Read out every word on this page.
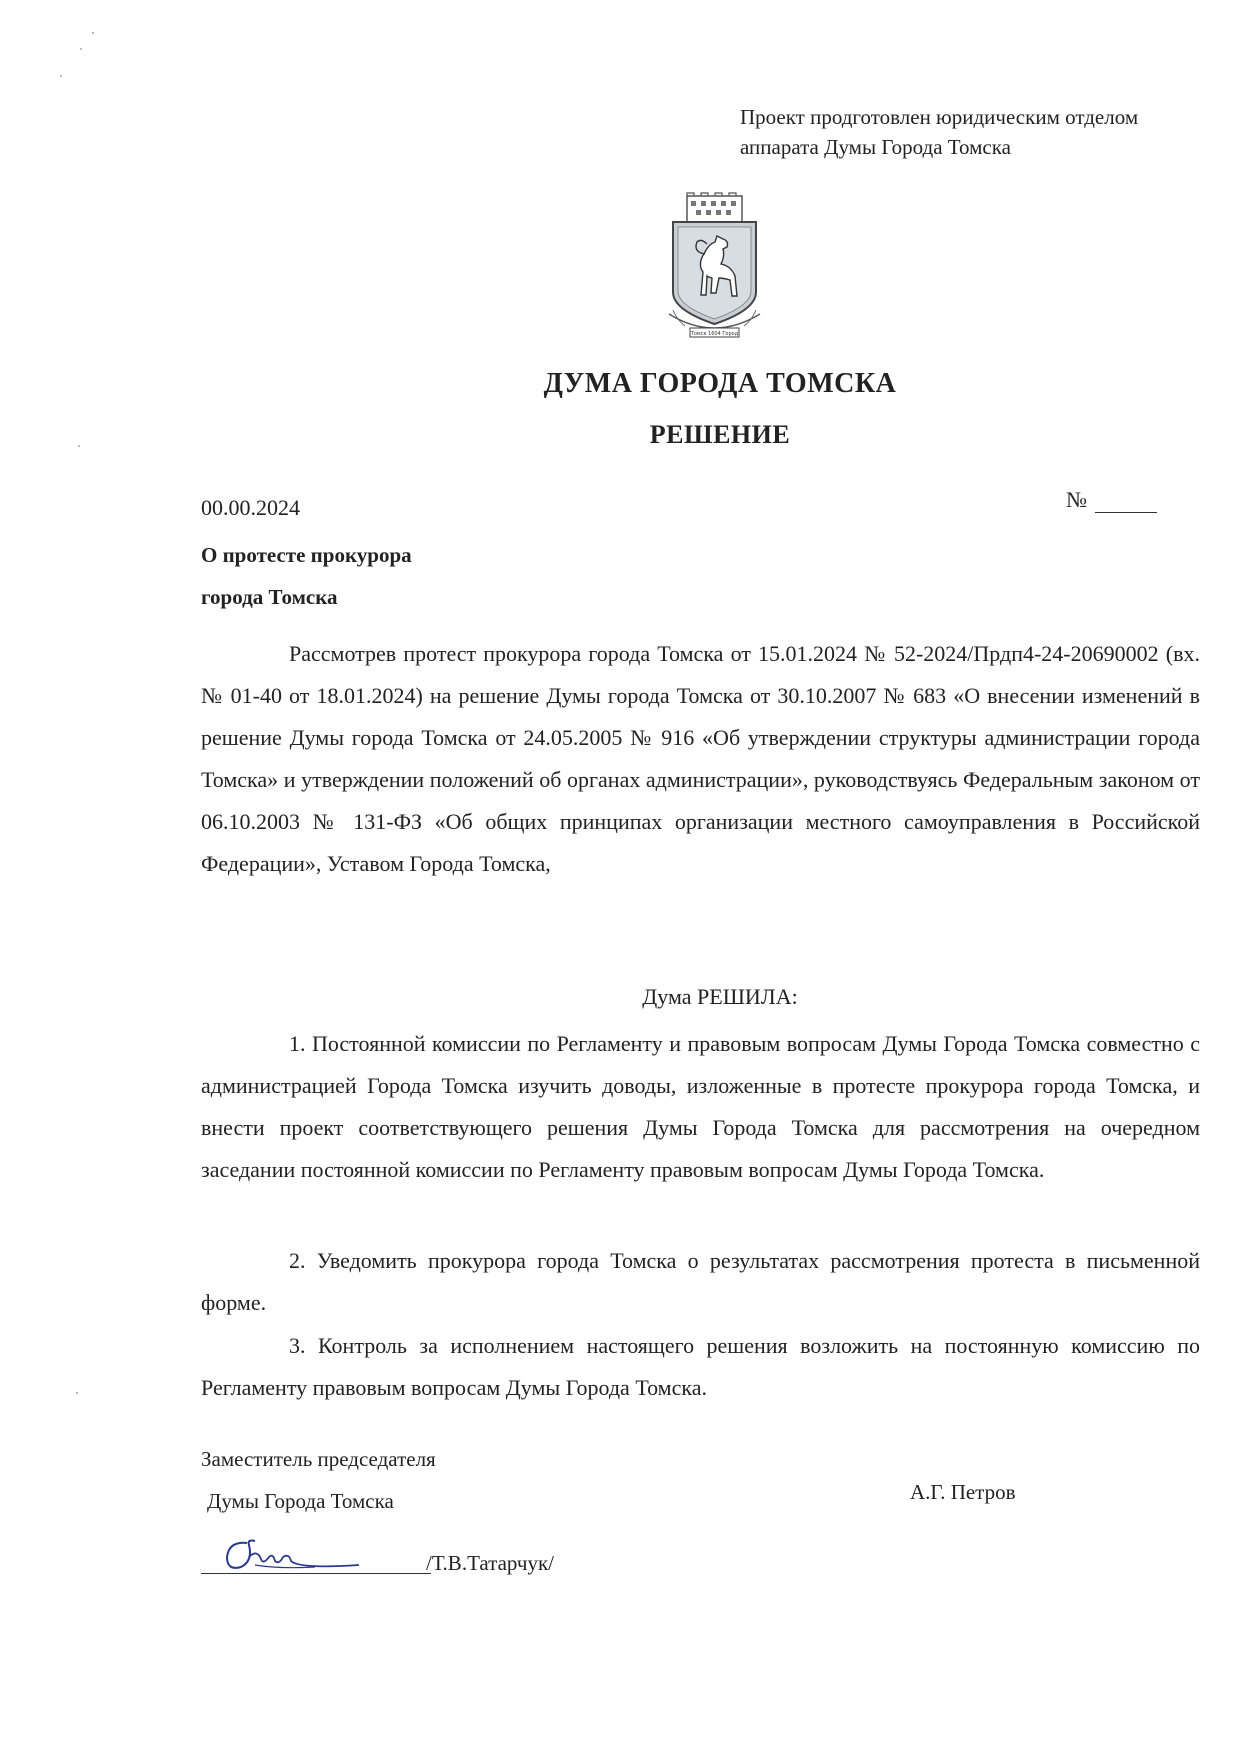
Проект продготовлен юридическим отделом
аппарата Думы Города Томска
Томск 1604 Город
ДУМА ГОРОДА ТОМСКА
РЕШЕНИЕ
00.00.2024	№
О протесте прокурора
города Томска
Рассмотрев протест прокурора города Томска от 15.01.2024 № 52-2024/Прдп4-24-20690002 (вх. № 01-40 от 18.01.2024) на решение Думы города Томска от 30.10.2007 № 683 «О внесении изменений в решение Думы города Томска от 24.05.2005 № 916 «Об утверждении структуры администрации города Томска» и утверждении положений об органах администрации», руководствуясь Федеральным законом от 06.10.2003 № 131-ФЗ «Об общих принципах организации местного самоуправления в Российской Федерации», Уставом Города Томска,
Дума РЕШИЛА:
1. Постоянной комиссии по Регламенту и правовым вопросам Думы Города Томска совместно с администрацией Города Томска изучить доводы, изложенные в протесте прокурора города Томска, и внести проект соответствующего решения Думы Города Томска для рассмотрения на очередном заседании постоянной комиссии по Регламенту правовым вопросам Думы Города Томска.
2. Уведомить прокурора города Томска о результатах рассмотрения протеста в письменной форме.
3. Контроль за исполнением настоящего решения возложить на постоянную комиссию по Регламенту правовым вопросам Думы Города Томска.
Заместитель председателя
Думы Города Томска	А.Г. Петров
/Т.В.Татарчук/
